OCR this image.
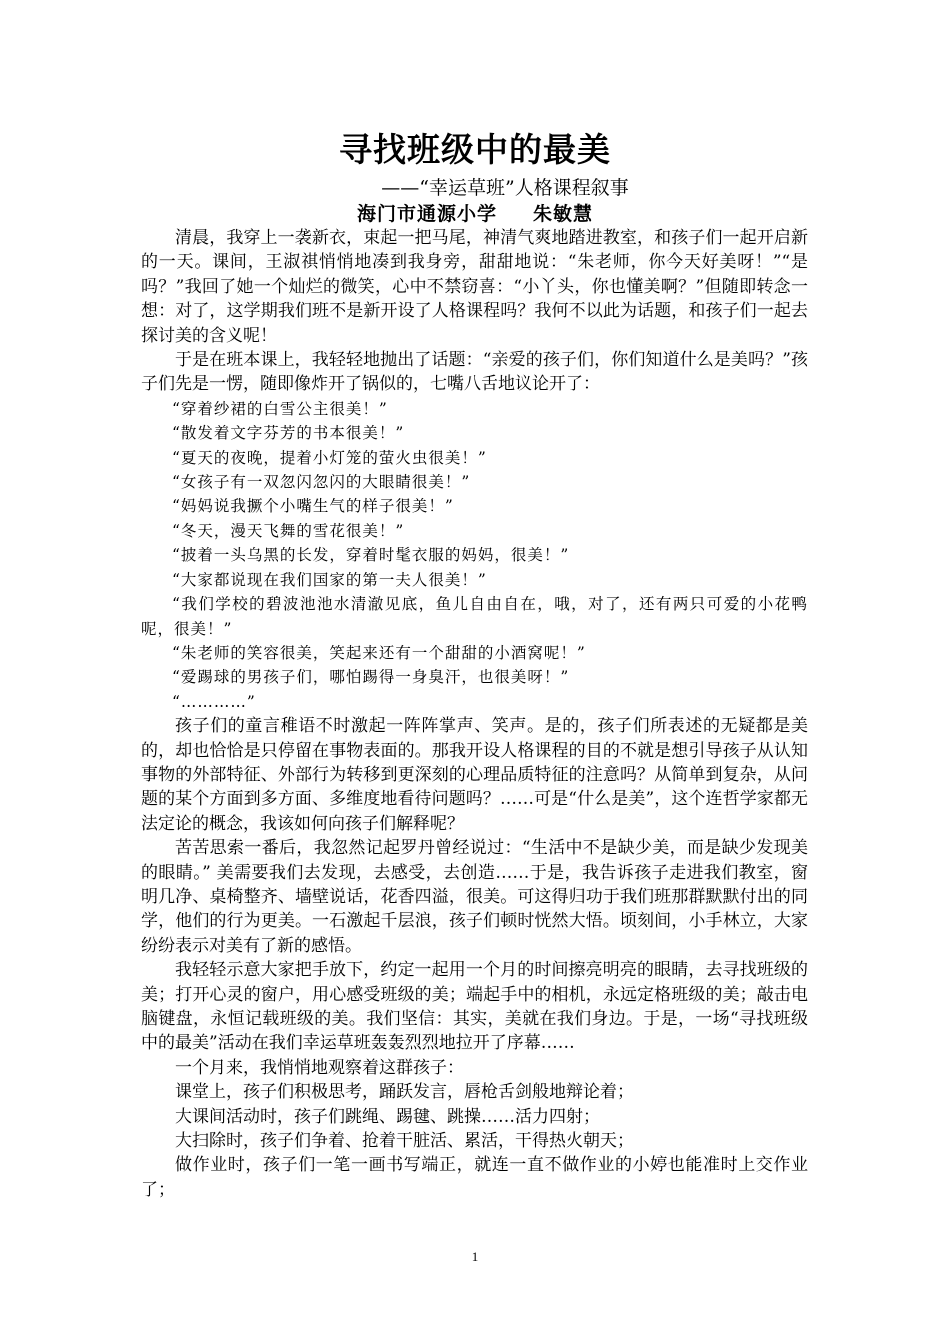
寻找班级中的最美
——“幸运草班”人格课程叙事
海门市通源小学 朱敏慧

清晨，我穿上一袭新衣，束起一把马尾，神清气爽地踏进教室，和孩子们一起开启新的一天。课间，王淑祺悄悄地凑到我身旁，甜甜地说：“朱老师，你今天好美呀！”“是吗？”我回了她一个灿烂的微笑，心中不禁窃喜：“小丫头，你也懂美啊？”但随即转念一想：对了，这学期我们班不是新开设了人格课程吗？我何不以此为话题，和孩子们一起去探讨美的含义呢！

于是在班本课上，我轻轻地抛出了话题：“亲爱的孩子们，你们知道什么是美吗？”孩子们先是一愣，随即像炸开了锅似的，七嘴八舌地议论开了：

“穿着纱裙的白雪公主很美！”

“散发着文字芬芳的书本很美！”

“夏天的夜晚，提着小灯笼的萤火虫很美！”

“女孩子有一双忽闪忽闪的大眼睛很美！”

“妈妈说我撅个小嘴生气的样子很美！”

“冬天，漫天飞舞的雪花很美！”

“披着一头乌黑的长发，穿着时髦衣服的妈妈，很美！”

“大家都说现在我们国家的第一夫人很美！”

“我们学校的碧波池池水清澈见底，鱼儿自由自在，哦，对了，还有两只可爱的小花鸭呢，很美！”

“朱老师的笑容很美，笑起来还有一个甜甜的小酒窝呢！”

“爱踢球的男孩子们，哪怕踢得一身臭汗，也很美呀！”

“…………”

孩子们的童言稚语不时激起一阵阵掌声、笑声。是的，孩子们所表述的无疑都是美的，却也恰恰是只停留在事物表面的。那我开设人格课程的目的不就是想引导孩子从认知事物的外部特征、外部行为转移到更深刻的心理品质特征的注意吗？从简单到复杂，从问题的某个方面到多方面、多维度地看待问题吗？……可是“什么是美”，这个连哲学家都无法定论的概念，我该如何向孩子们解释呢？

苦苦思索一番后，我忽然记起罗丹曾经说过：“生活中不是缺少美，而是缺少发现美的眼睛。” 美需要我们去发现，去感受，去创造……于是，我告诉孩子走进我们教室，窗明几净、桌椅整齐、墙壁说话，花香四溢，很美。可这得归功于我们班那群默默付出的同学，他们的行为更美。一石激起千层浪，孩子们顿时恍然大悟。顷刻间，小手林立，大家纷纷表示对美有了新的感悟。

我轻轻示意大家把手放下，约定一起用一个月的时间擦亮明亮的眼睛，去寻找班级的美；打开心灵的窗户，用心感受班级的美；端起手中的相机，永远定格班级的美；敲击电脑键盘，永恒记载班级的美。我们坚信：其实，美就在我们身边。于是，一场“寻找班级中的最美”活动在我们幸运草班轰轰烈烈地拉开了序幕……

一个月来，我悄悄地观察着这群孩子：

课堂上，孩子们积极思考，踊跃发言，唇枪舌剑般地辩论着；

大课间活动时，孩子们跳绳、踢毽、跳操……活力四射；

大扫除时，孩子们争着、抢着干脏活、累活，干得热火朝天；

做作业时，孩子们一笔一画书写端正，就连一直不做作业的小婷也能准时上交作业了；

1
